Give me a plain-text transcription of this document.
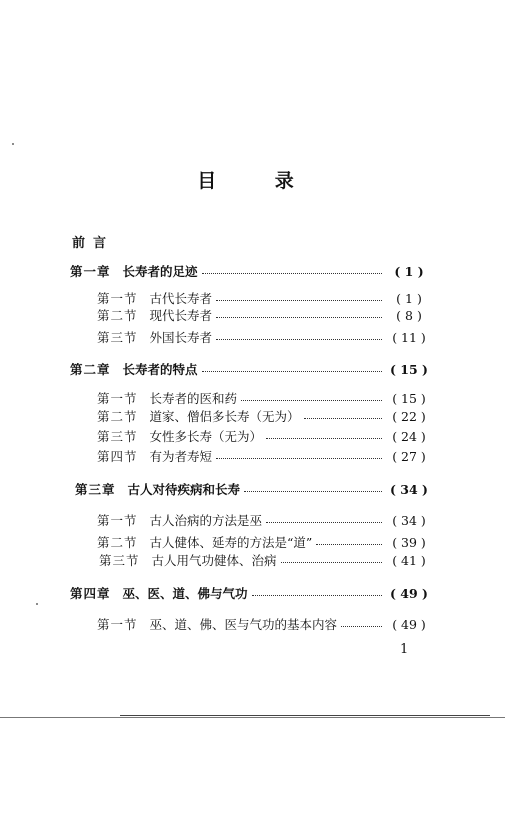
目 录
前言
第一章 长寿者的足迹	( 1 )
第一节 古代长寿者	( 1 )
第二节 现代长寿者	( 8 )
第三节 外国长寿者	( 11 )
第二章 长寿者的特点	( 15 )
第一节 长寿者的医和药	( 15 )
第二节 道家、僧侣多长寿（无为）	( 22 )
第三节 女性多长寿（无为）	( 24 )
第四节 有为者寿短	( 27 )
第三章 古人对待疾病和长寿	( 34 )
第一节 古人治病的方法是巫	( 34 )
第二节 古人健体、延寿的方法是“道”	( 39 )
第三节 古人用气功健体、治病	( 41 )
第四章 巫、医、道、佛与气功	( 49 )
第一节 巫、道、佛、医与气功的基本内容	( 49 )
1
